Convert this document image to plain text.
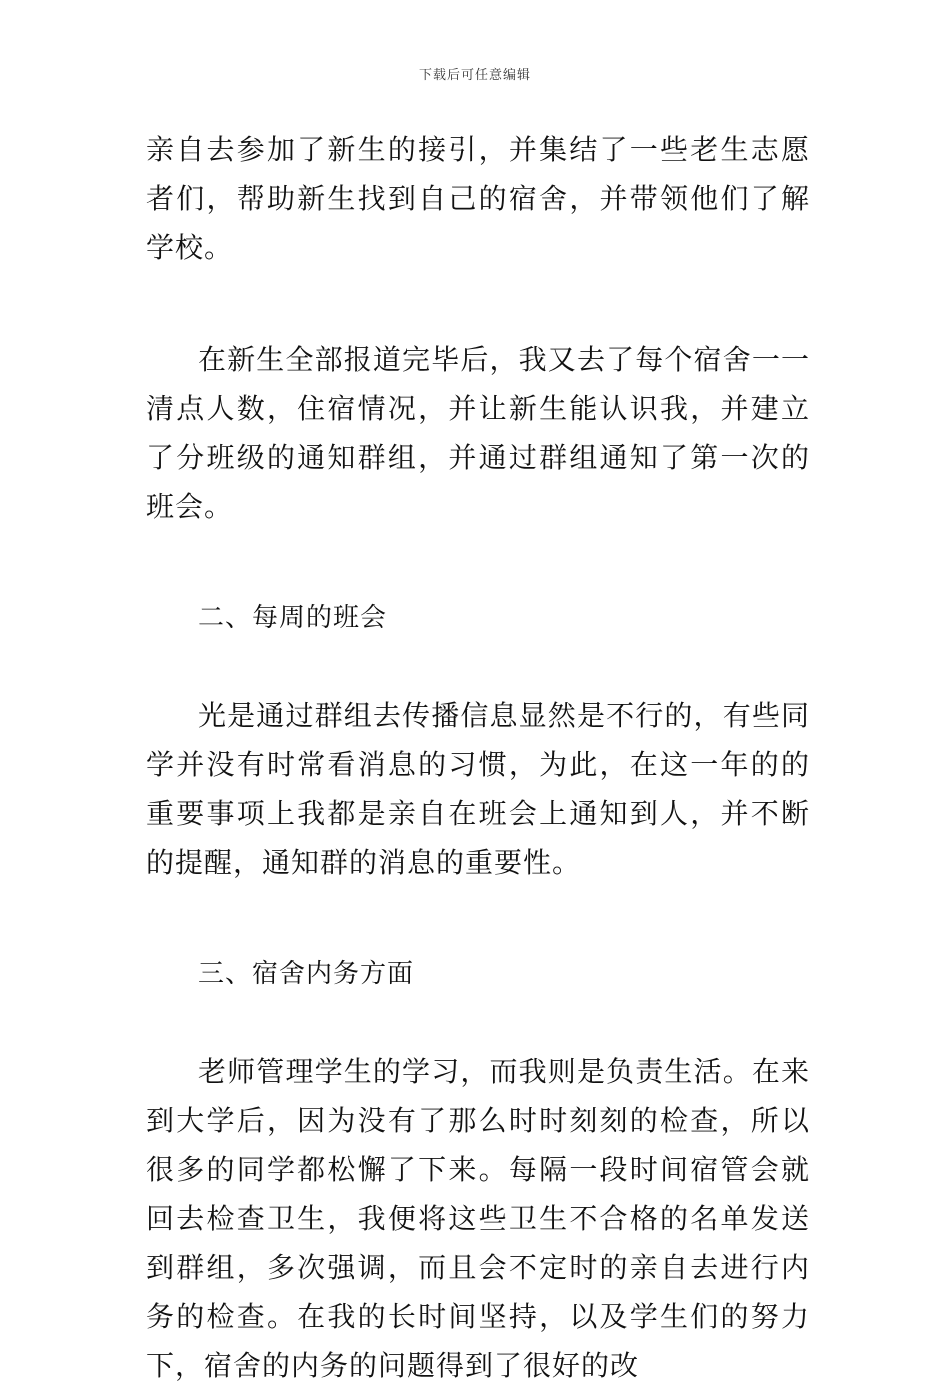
下载后可任意编辑

亲自去参加了新生的接引，并集结了一些老生志愿者们，帮助新生找到自己的宿舍，并带领他们了解学校。

在新生全部报道完毕后，我又去了每个宿舍一一清点人数，住宿情况，并让新生能认识我，并建立了分班级的通知群组，并通过群组通知了第一次的班会。

二、每周的班会

光是通过群组去传播信息显然是不行的，有些同学并没有时常看消息的习惯，为此，在这一年的的重要事项上我都是亲自在班会上通知到人，并不断的提醒，通知群的消息的重要性。

三、宿舍内务方面

老师管理学生的学习，而我则是负责生活。在来到大学后，因为没有了那么时时刻刻的检查，所以很多的同学都松懈了下来。每隔一段时间宿管会就回去检查卫生，我便将这些卫生不合格的名单发送到群组，多次强调，而且会不定时的亲自去进行内务的检查。在我的长时间坚持，以及学生们的努力下，宿舍的内务的问题得到了很好的改
